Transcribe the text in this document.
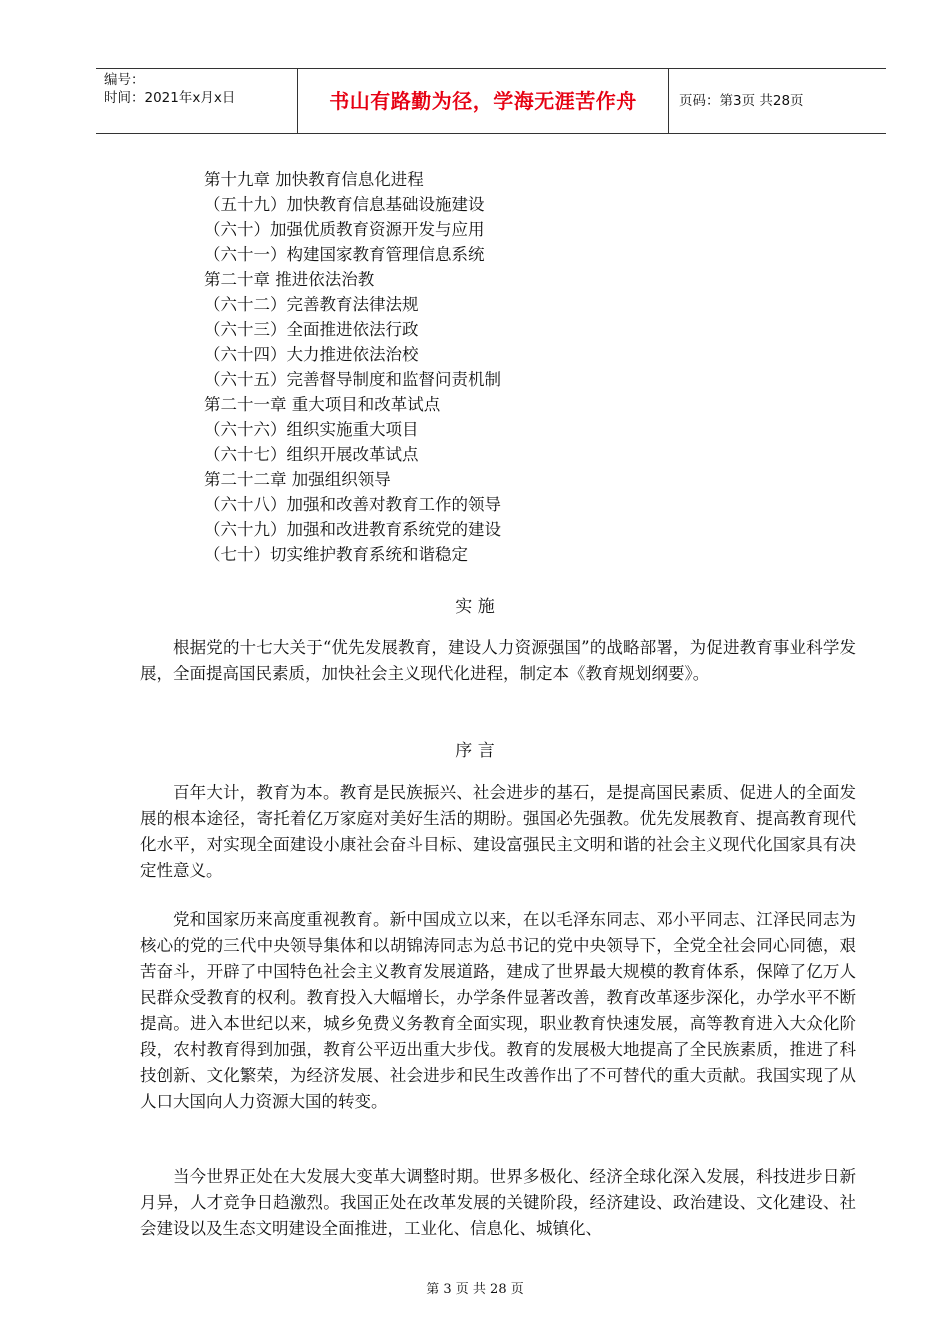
编号：
时间：2021年x月x日	书山有路勤为径，学海无涯苦作舟	页码：第3页 共28页
第十九章 加快教育信息化进程
（五十九）加快教育信息基础设施建设
（六十）加强优质教育资源开发与应用
（六十一）构建国家教育管理信息系统
第二十章 推进依法治教
（六十二）完善教育法律法规
（六十三）全面推进依法行政
（六十四）大力推进依法治校
（六十五）完善督导制度和监督问责机制
第二十一章 重大项目和改革试点
（六十六）组织实施重大项目
（六十七）组织开展改革试点
第二十二章 加强组织领导
（六十八）加强和改善对教育工作的领导
（六十九）加强和改进教育系统党的建设
（七十）切实维护教育系统和谐稳定
实 施
根据党的十七大关于“优先发展教育，建设人力资源强国”的战略部署，为促进教育事业科学发展，全面提高国民素质，加快社会主义现代化进程，制定本《教育规划纲要》。
序 言
百年大计，教育为本。教育是民族振兴、社会进步的基石，是提高国民素质、促进人的全面发展的根本途径，寄托着亿万家庭对美好生活的期盼。强国必先强教。优先发展教育、提高教育现代化水平，对实现全面建设小康社会奋斗目标、建设富强民主文明和谐的社会主义现代化国家具有决定性意义。
党和国家历来高度重视教育。新中国成立以来，在以毛泽东同志、邓小平同志、江泽民同志为核心的党的三代中央领导集体和以胡锦涛同志为总书记的党中央领导下，全党全社会同心同德，艰苦奋斗，开辟了中国特色社会主义教育发展道路，建成了世界最大规模的教育体系，保障了亿万人民群众受教育的权利。教育投入大幅增长，办学条件显著改善，教育改革逐步深化，办学水平不断提高。进入本世纪以来，城乡免费义务教育全面实现，职业教育快速发展，高等教育进入大众化阶段，农村教育得到加强，教育公平迈出重大步伐。教育的发展极大地提高了全民族素质，推进了科技创新、文化繁荣，为经济发展、社会进步和民生改善作出了不可替代的重大贡献。我国实现了从人口大国向人力资源大国的转变。
当今世界正处在大发展大变革大调整时期。世界多极化、经济全球化深入发展，科技进步日新月异，人才竞争日趋激烈。我国正处在改革发展的关键阶段，经济建设、政治建设、文化建设、社会建设以及生态文明建设全面推进，工业化、信息化、城镇化、
第 3 页 共 28 页
